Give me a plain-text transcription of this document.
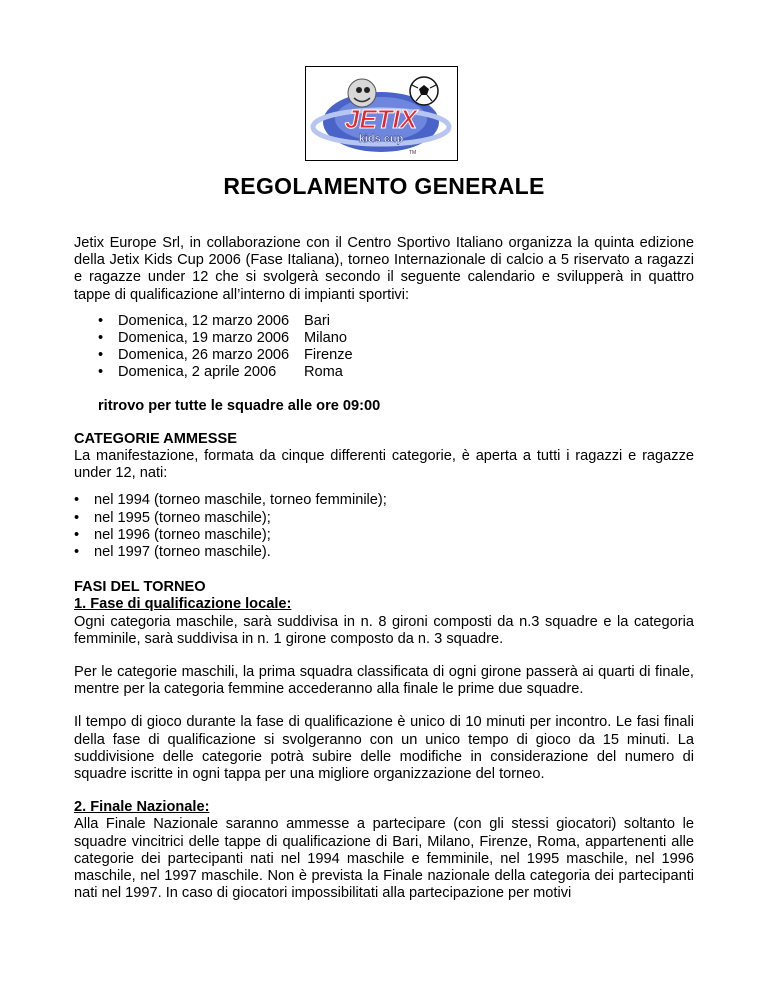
JETIX
kids cup
TM
REGOLAMENTO GENERALE

Jetix Europe Srl, in collaborazione con il Centro Sportivo Italiano organizza la quinta edizione della Jetix Kids Cup 2006 (Fase Italiana), torneo Internazionale di calcio a 5 riservato a ragazzi e ragazze under 12 che si svolgerà secondo il seguente calendario e svilupperà in quattro tappe di qualificazione all’interno di impianti sportivi:

•	Domenica, 12 marzo 2006	Bari
•	Domenica, 19 marzo 2006	Milano
•	Domenica, 26 marzo 2006	Firenze
•	Domenica, 2 aprile 2006	Roma

ritrovo per tutte le squadre alle ore 09:00

CATEGORIE AMMESSE

La manifestazione, formata da cinque differenti categorie, è aperta a tutti i ragazzi e ragazze under 12, nati:

•	nel 1994 (torneo maschile, torneo femminile);
•	nel 1995 (torneo maschile);
•	nel 1996 (torneo maschile);
•	nel 1997 (torneo maschile).

FASI DEL TORNEO

1. Fase di qualificazione locale:

Ogni categoria maschile, sarà suddivisa in n. 8 gironi composti da n.3 squadre e la categoria femminile, sarà suddivisa in n. 1 girone composto da n. 3 squadre.

Per le categorie maschili, la prima squadra classificata di ogni girone passerà ai quarti di finale, mentre per la categoria femmine accederanno alla finale le prime due squadre.

Il tempo di gioco durante la fase di qualificazione è unico di 10 minuti per incontro. Le fasi finali della fase di qualificazione si svolgeranno con un unico tempo di gioco da 15 minuti. La suddivisione delle categorie potrà subire delle modifiche in considerazione del numero di squadre iscritte in ogni tappa per una migliore organizzazione del torneo.

2. Finale Nazionale:

Alla Finale Nazionale saranno ammesse a partecipare (con gli stessi giocatori) soltanto le squadre vincitrici delle tappe di qualificazione di Bari, Milano, Firenze, Roma, appartenenti alle categorie dei partecipanti nati nel 1994 maschile e femminile, nel 1995 maschile, nel 1996 maschile, nel 1997 maschile. Non è prevista la Finale nazionale della categoria dei partecipanti nati nel 1997. In caso di giocatori impossibilitati alla partecipazione per motivi
